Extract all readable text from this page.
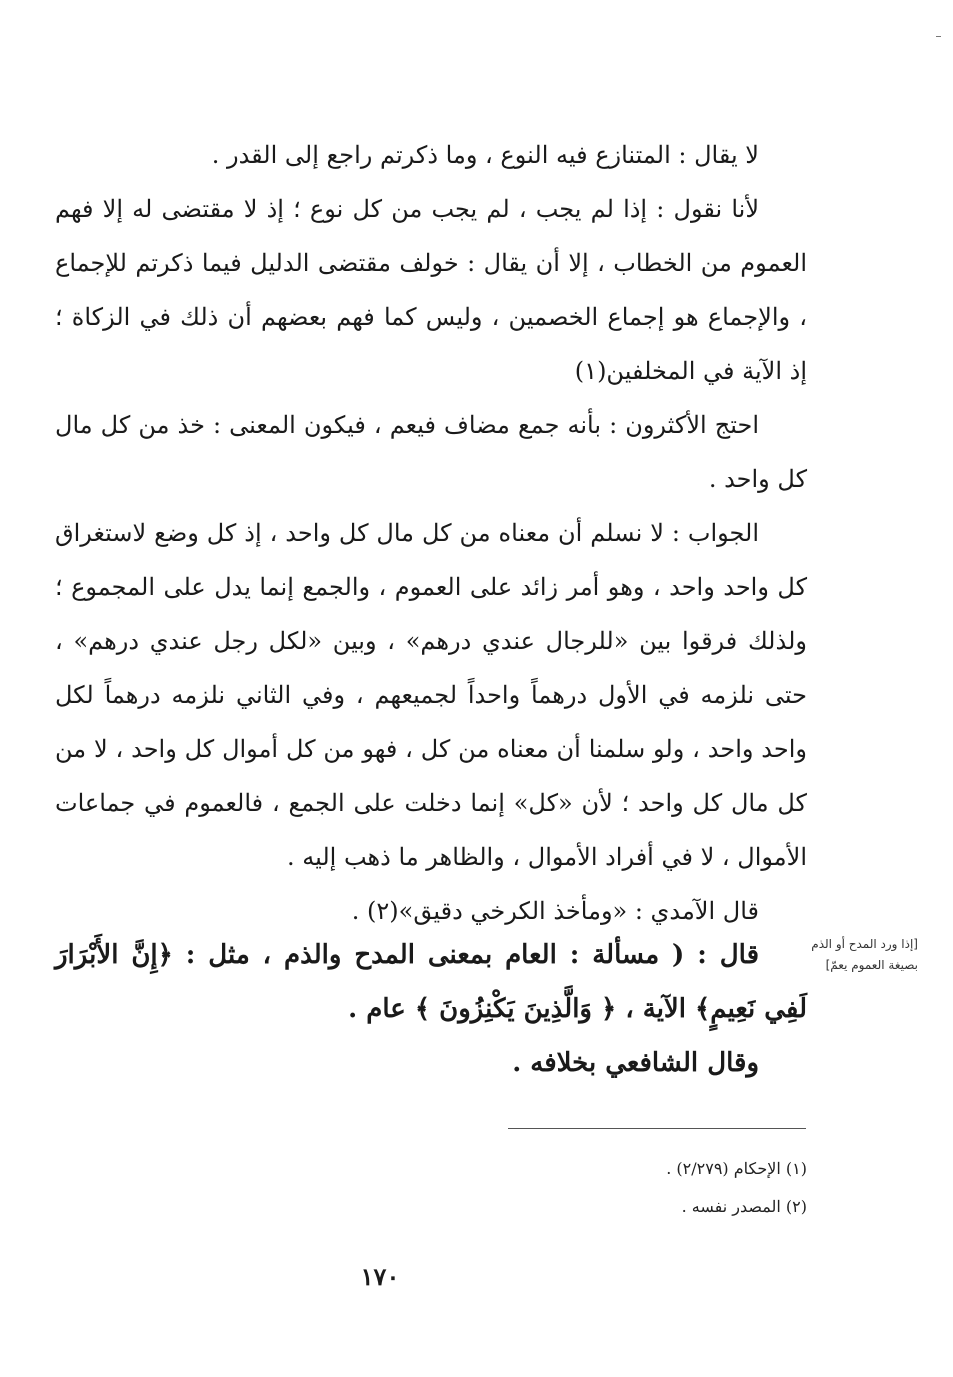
لا يقال : المتنازع فيه النوع ، وما ذكرتم راجع إلى القدر .

لأنا نقول : إذا لم يجب ، لم يجب من كل نوع ؛ إذ لا مقتضى له إلا فهم العموم من الخطاب ، إلا أن يقال : خولف مقتضى الدليل فيما ذكرتم للإجماع ، والإجماع هو إجماع الخصمين ، وليس كما فهم بعضهم أن ذلك في الزكاة ؛ إذ الآية في المخلفين(١)

احتج الأكثرون : بأنه جمع مضاف فيعم ، فيكون المعنى : خذ من كل مال كل واحد .

الجواب : لا نسلم أن معناه من كل مال كل واحد ، إذ كل وضع لاستغراق كل واحد واحد ، وهو أمر زائد على العموم ، والجمع إنما يدل على المجموع ؛ ولذلك فرقوا بين «للرجال عندي درهم» ، وبين «لكل رجل عندي درهم» ، حتى نلزمه في الأول درهماً واحداً لجميعهم ، وفي الثاني نلزمه درهماً لكل واحد واحد ، ولو سلمنا أن معناه من كل ، فهو من كل أموال كل واحد ، لا من كل مال كل واحد ؛ لأن «كل» إنما دخلت على الجمع ، فالعموم في جماعات الأموال ، لا في أفراد الأموال ، والظاهر ما ذهب إليه .

قال الآمدي : «ومأخذ الكرخي دقيق»(٢) .

[إذا ورد المدح أو الذم بصيغة العموم يعمّ]

قال : ( مسألة : العام بمعنى المدح والذم ، مثل : ﴿إِنَّ الأَبْرَارَ لَفِي نَعِيمٍ﴾ الآية ، ﴿ وَالَّذِينَ يَكْنِزُونَ ﴾ عام .

وقال الشافعي بخلافه .

(١) الإحكام (٢/٢٧٩) .

(٢) المصدر نفسه .

١٧٠
